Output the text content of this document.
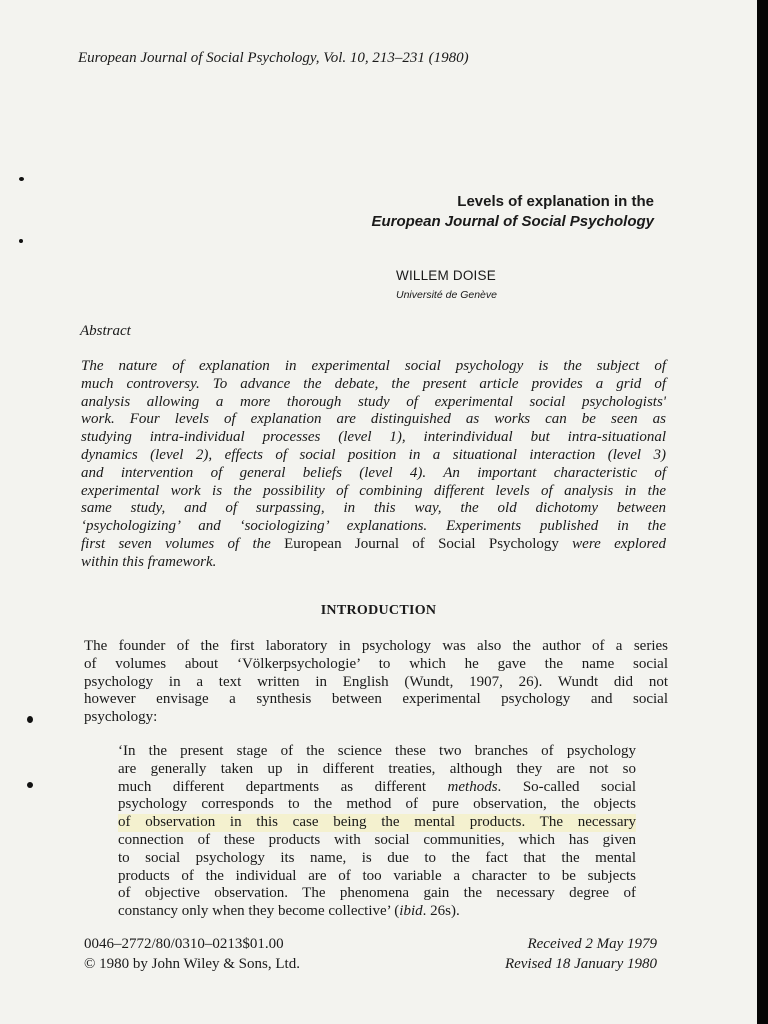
European Journal of Social Psychology, Vol. 10, 213–231 (1980)

Levels of explanation in the
European Journal of Social Psychology

WILLEM DOISE

Université de Genève

Abstract

The nature of explanation in experimental social psychology is the subject of
much controversy. To advance the debate, the present article provides a grid of
analysis allowing a more thorough study of experimental social psychologists'
work. Four levels of explanation are distinguished as works can be seen as
studying intra-individual processes (level 1), interindividual but intra-situational
dynamics (level 2), effects of social position in a situational interaction (level 3)
and intervention of general beliefs (level 4). An important characteristic of
experimental work is the possibility of combining different levels of analysis in the
same study, and of surpassing, in this way, the old dichotomy between
‘psychologizing’ and ‘sociologizing’ explanations. Experiments published in the
first seven volumes of the European Journal of Social Psychology were explored
within this framework.

INTRODUCTION

The founder of the first laboratory in psychology was also the author of a series
of volumes about ‘Völkerpsychologie’ to which he gave the name social
psychology in a text written in English (Wundt, 1907, 26). Wundt did not
however envisage a synthesis between experimental psychology and social
psychology:
‘In the present stage of the science these two branches of psychology
are generally taken up in different treaties, although they are not so
much different departments as different methods. So-called social
psychology corresponds to the method of pure observation, the objects
of observation in this case being the mental products. The necessary
connection of these products with social communities, which has given
to social psychology its name, is due to the fact that the mental
products of the individual are of too variable a character to be subjects
of objective observation. The phenomena gain the necessary degree of
constancy only when they become collective’ (ibid. 26s).

0046–2772/80/0310–0213$01.00

© 1980 by John Wiley & Sons, Ltd.

Received 2 May 1979

Revised 18 January 1980
